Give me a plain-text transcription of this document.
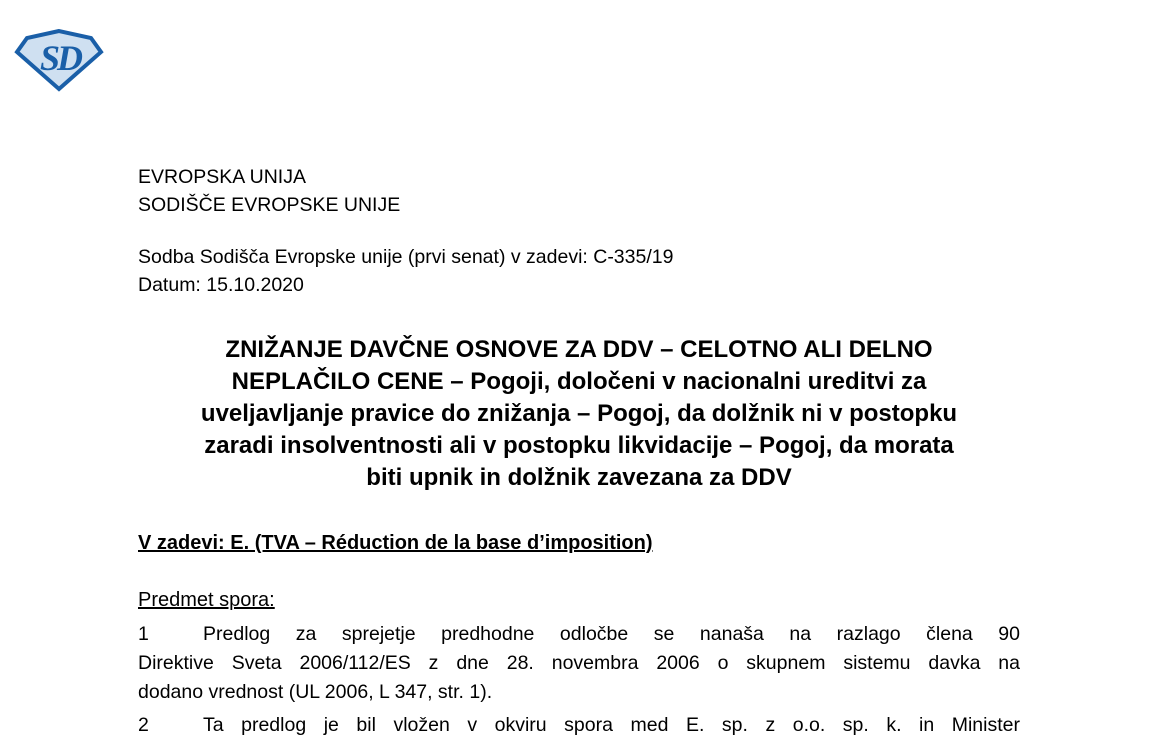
SD
EVROPSKA UNIJA
SODIŠČE EVROPSKE UNIJE
Sodba Sodišča Evropske unije (prvi senat) v zadevi: C-335/19
Datum: 15.10.2020
ZNIŽANJE DAVČNE OSNOVE ZA DDV – CELOTNO ALI DELNO
NEPLAČILO CENE – Pogoji, določeni v nacionalni ureditvi za
uveljavljanje pravice do znižanja – Pogoj, da dolžnik ni v postopku
zaradi insolventnosti ali v postopku likvidacije – Pogoj, da morata
biti upnik in dolžnik zavezana za DDV
V zadevi: E. (TVA – Réduction de la base d’imposition)
Predmet spora:
1	Predlog za sprejetje predhodne odločbe se nanaša na razlago člena 90
Direktive Sveta 2006/112/ES z dne 28. novembra 2006 o skupnem sistemu davka na
dodano vrednost (UL 2006, L 347, str. 1).
2	Ta predlog je bil vložen v okviru spora med E. sp. z o.o. sp. k. in Minister
